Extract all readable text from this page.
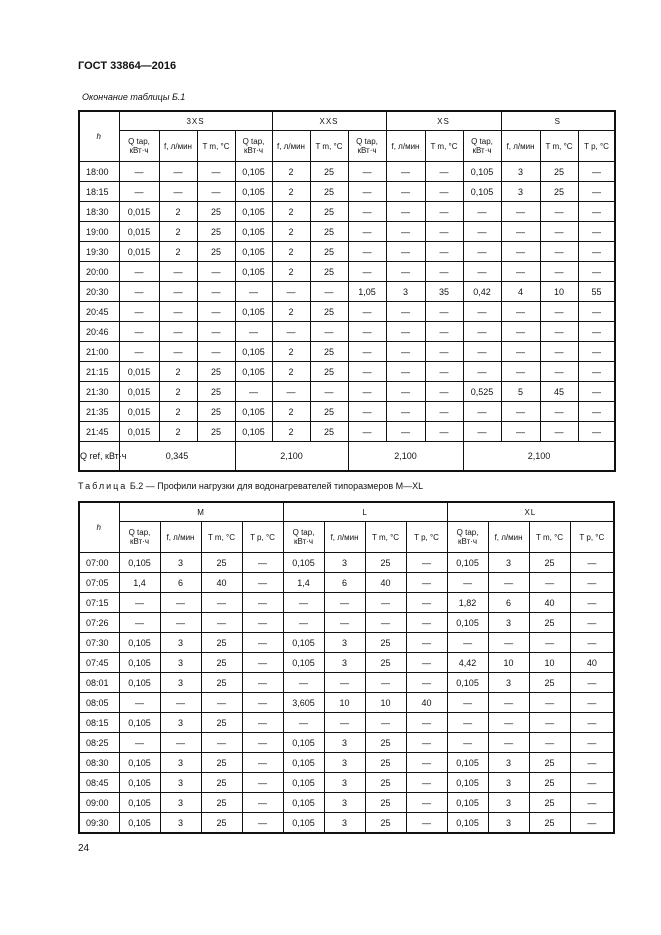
ГОСТ 33864—2016
Окончание таблицы Б.1
h	3XS				XXS			XS			S		
	Q tap, кВт·ч	f, л/мин	T m, °C	Q tap, кВт·ч	f, л/мин	T m, °C	Q tap, кВт·ч	f, л/мин	T m, °C	Q tap, кВт·ч	f, л/мин	T m, °C	T p, °C
18:00	—	—	—	0,105	2	25	—	—	—	0,105	3	25	—
18:15	—	—	—	0,105	2	25	—	—	—	0,105	3	25	—
18:30	0,015	2	25	0,105	2	25	—	—	—	—	—	—	—
19:00	0,015	2	25	0,105	2	25	—	—	—	—	—	—	—
19:30	0,015	2	25	0,105	2	25	—	—	—	—	—	—	—
20:00	—	—	—	0,105	2	25	—	—	—	—	—	—	—
20:30	—	—	—	—	—	—	1,05	3	35	0,42	4	10	55
20:45	—	—	—	0,105	2	25	—	—	—	—	—	—	—
20:46	—	—	—	—	—	—	—	—	—	—	—	—	—
21:00	—	—	—	0,105	2	25	—	—	—	—	—	—	—
21:15	0,015	2	25	0,105	2	25	—	—	—	—	—	—	—
21:30	0,015	2	25	—	—	—	—	—	—	0,525	5	45	—
21:35	0,015	2	25	0,105	2	25	—	—	—	—	—	—	—
21:45	0,015	2	25	0,105	2	25	—	—	—	—	—	—	—
Q ref, кВт·ч	0,345			2,100			2,100			2,100			
Таблица Б.2 — Профили нагрузки для водонагревателей типоразмеров M—XL
h	M				L				XL			
	Q tap, кВт·ч	f, л/мин	T m, °C	T p, °C	Q tap, кВт·ч	f, л/мин	T m, °C	T p, °C	Q tap, кВт·ч	f, л/мин	T m, °C	T p, °C
07:00	0,105	3	25	—	0,105	3	25	—	0,105	3	25	—
07:05	1,4	6	40	—	1,4	6	40	—	—	—	—	—
07:15	—	—	—	—	—	—	—	—	1,82	6	40	—
07:26	—	—	—	—	—	—	—	—	0,105	3	25	—
07:30	0,105	3	25	—	0,105	3	25	—	—	—	—	—
07:45	0,105	3	25	—	0,105	3	25	—	4,42	10	10	40
08:01	0,105	3	25	—	—	—	—	—	0,105	3	25	—
08:05	—	—	—	—	3,605	10	10	40	—	—	—	—
08:15	0,105	3	25	—	—	—	—	—	—	—	—	—
08:25	—	—	—	—	0,105	3	25	—	—	—	—	—
08:30	0,105	3	25	—	0,105	3	25	—	0,105	3	25	—
08:45	0,105	3	25	—	0,105	3	25	—	0,105	3	25	—
09:00	0,105	3	25	—	0,105	3	25	—	0,105	3	25	—
09:30	0,105	3	25	—	0,105	3	25	—	0,105	3	25	—
24
